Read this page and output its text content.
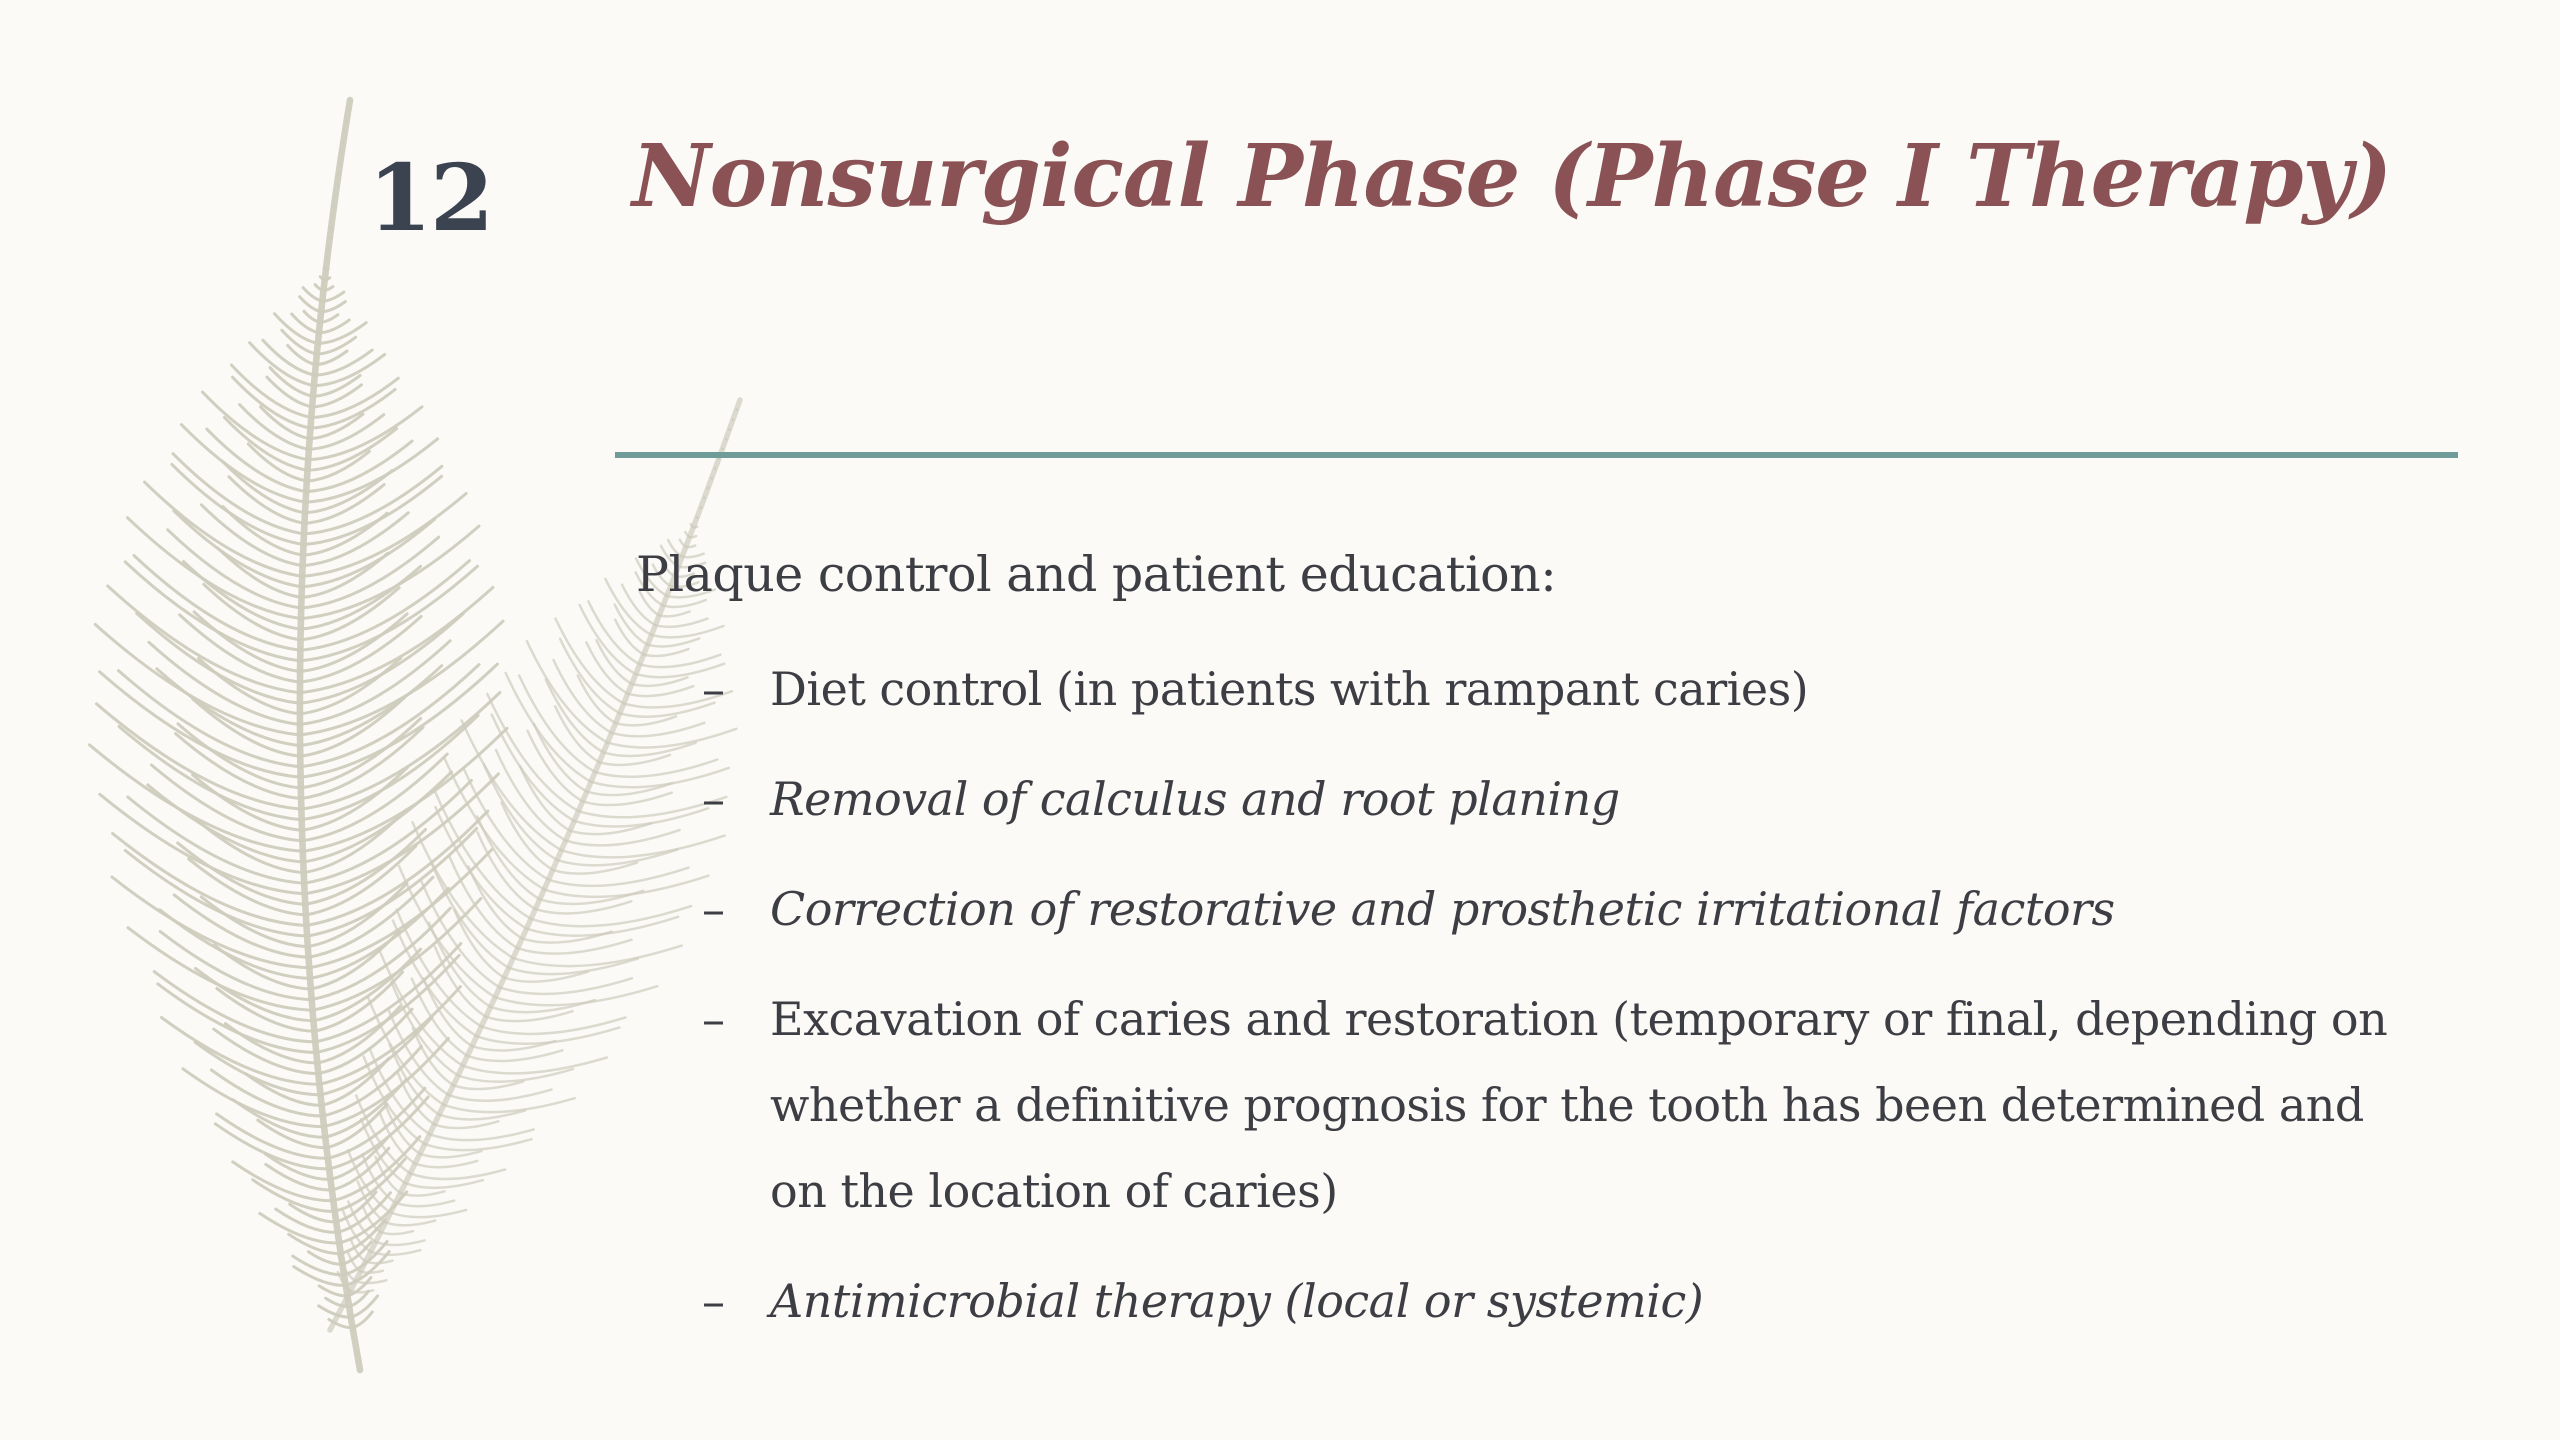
12 Nonsurgical Phase (Phase I Therapy)

Plaque control and patient education:

– Diet control (in patients with rampant caries)
– Removal of calculus and root planing
– Correction of restorative and prosthetic irritational factors
– Excavation of caries and restoration (temporary or final, depending on whether a definitive prognosis for the tooth has been determined and on the location of caries)
– Antimicrobial therapy (local or systemic)
